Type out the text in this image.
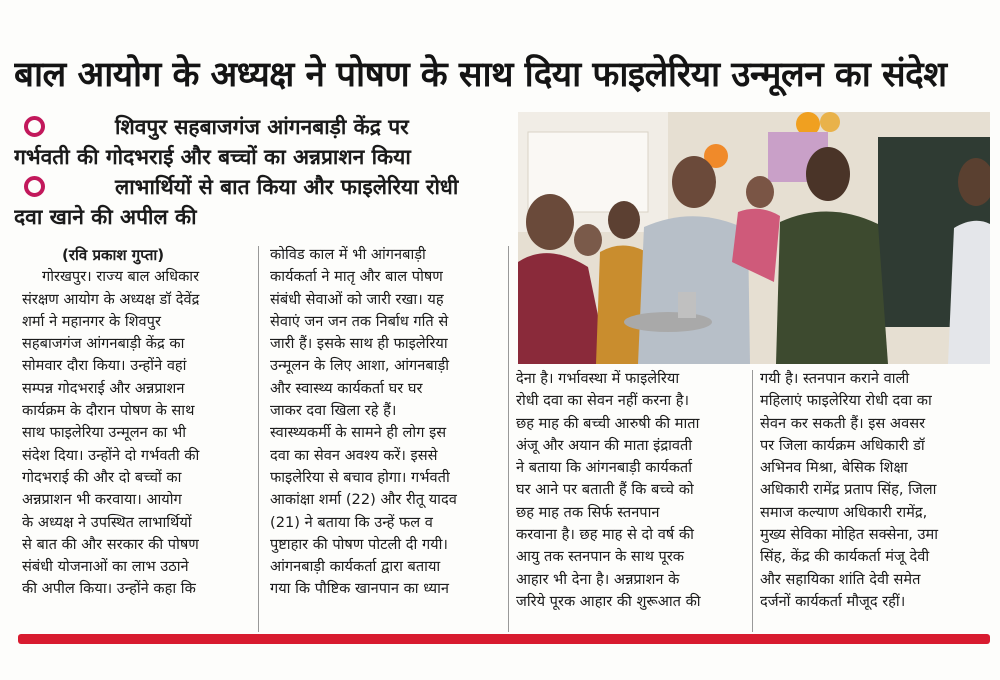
बाल आयोग के अध्यक्ष ने पोषण के साथ दिया फाइलेरिया उन्मूलन का संदेश
शिवपुर सहबाजगंज आंगनबाड़ी केंद्र पर
गर्भवती की गोदभराई और बच्चों का अन्नप्राशन किया
लाभार्थियों से बात किया और फाइलेरिया रोधी
दवा खाने की अपील की
(रवि प्रकाश गुप्ता)
गोरखपुर। राज्य बाल अधिकार
संरक्षण आयोग के अध्यक्ष डॉ देवेंद्र
शर्मा ने महानगर के शिवपुर
सहबाजगंज आंगनबाड़ी केंद्र का
सोमवार दौरा किया। उन्होंने वहां
सम्पन्न गोदभराई और अन्नप्राशन
कार्यक्रम के दौरान पोषण के साथ
साथ फाइलेरिया उन्मूलन का भी
संदेश दिया। उन्होंने दो गर्भवती की
गोदभराई की और दो बच्चों का
अन्नप्राशन भी करवाया। आयोग
के अध्यक्ष ने उपस्थित लाभार्थियों
से बात की और सरकार की पोषण
संबंधी योजनाओं का लाभ उठाने
की अपील किया। उन्होंने कहा कि
कोविड काल में भी आंगनबाड़ी
कार्यकर्ता ने मातृ और बाल पोषण
संबंधी सेवाओं को जारी रखा। यह
सेवाएं जन जन तक निर्बाध गति से
जारी हैं। इसके साथ ही फाइलेरिया
उन्मूलन के लिए आशा, आंगनबाड़ी
और स्वास्थ्य कार्यकर्ता घर घर
जाकर दवा खिला रहे हैं।
स्वास्थ्यकर्मी के सामने ही लोग इस
दवा का सेवन अवश्य करें। इससे
फाइलेरिया से बचाव होगा। गर्भवती
आकांक्षा शर्मा (22) और रीतू यादव
(21) ने बताया कि उन्हें फल व
पुष्टाहार की पोषण पोटली दी गयी।
आंगनबाड़ी कार्यकर्ता द्वारा बताया
गया कि पौष्टिक खानपान का ध्यान
देना है। गर्भावस्था में फाइलेरिया
रोधी दवा का सेवन नहीं करना है।
छह माह की बच्ची आरुषी की माता
अंजू और अयान की माता इंद्रावती
ने बताया कि आंगनबाड़ी कार्यकर्ता
घर आने पर बताती हैं कि बच्चे को
छह माह तक सिर्फ स्तनपान
करवाना है। छह माह से दो वर्ष की
आयु तक स्तनपान के साथ पूरक
आहार भी देना है। अन्नप्राशन के
जरिये पूरक आहार की शुरूआत की
गयी है। स्तनपान कराने वाली
महिलाएं फाइलेरिया रोधी दवा का
सेवन कर सकती हैं। इस अवसर
पर जिला कार्यक्रम अधिकारी डॉ
अभिनव मिश्रा, बेसिक शिक्षा
अधिकारी रामेंद्र प्रताप सिंह, जिला
समाज कल्याण अधिकारी रामेंद्र,
मुख्य सेविका मोहित सक्सेना, उमा
सिंह, केंद्र की कार्यकर्ता मंजू देवी
और सहायिका शांति देवी समेत
दर्जनों कार्यकर्ता मौजूद रहीं।
